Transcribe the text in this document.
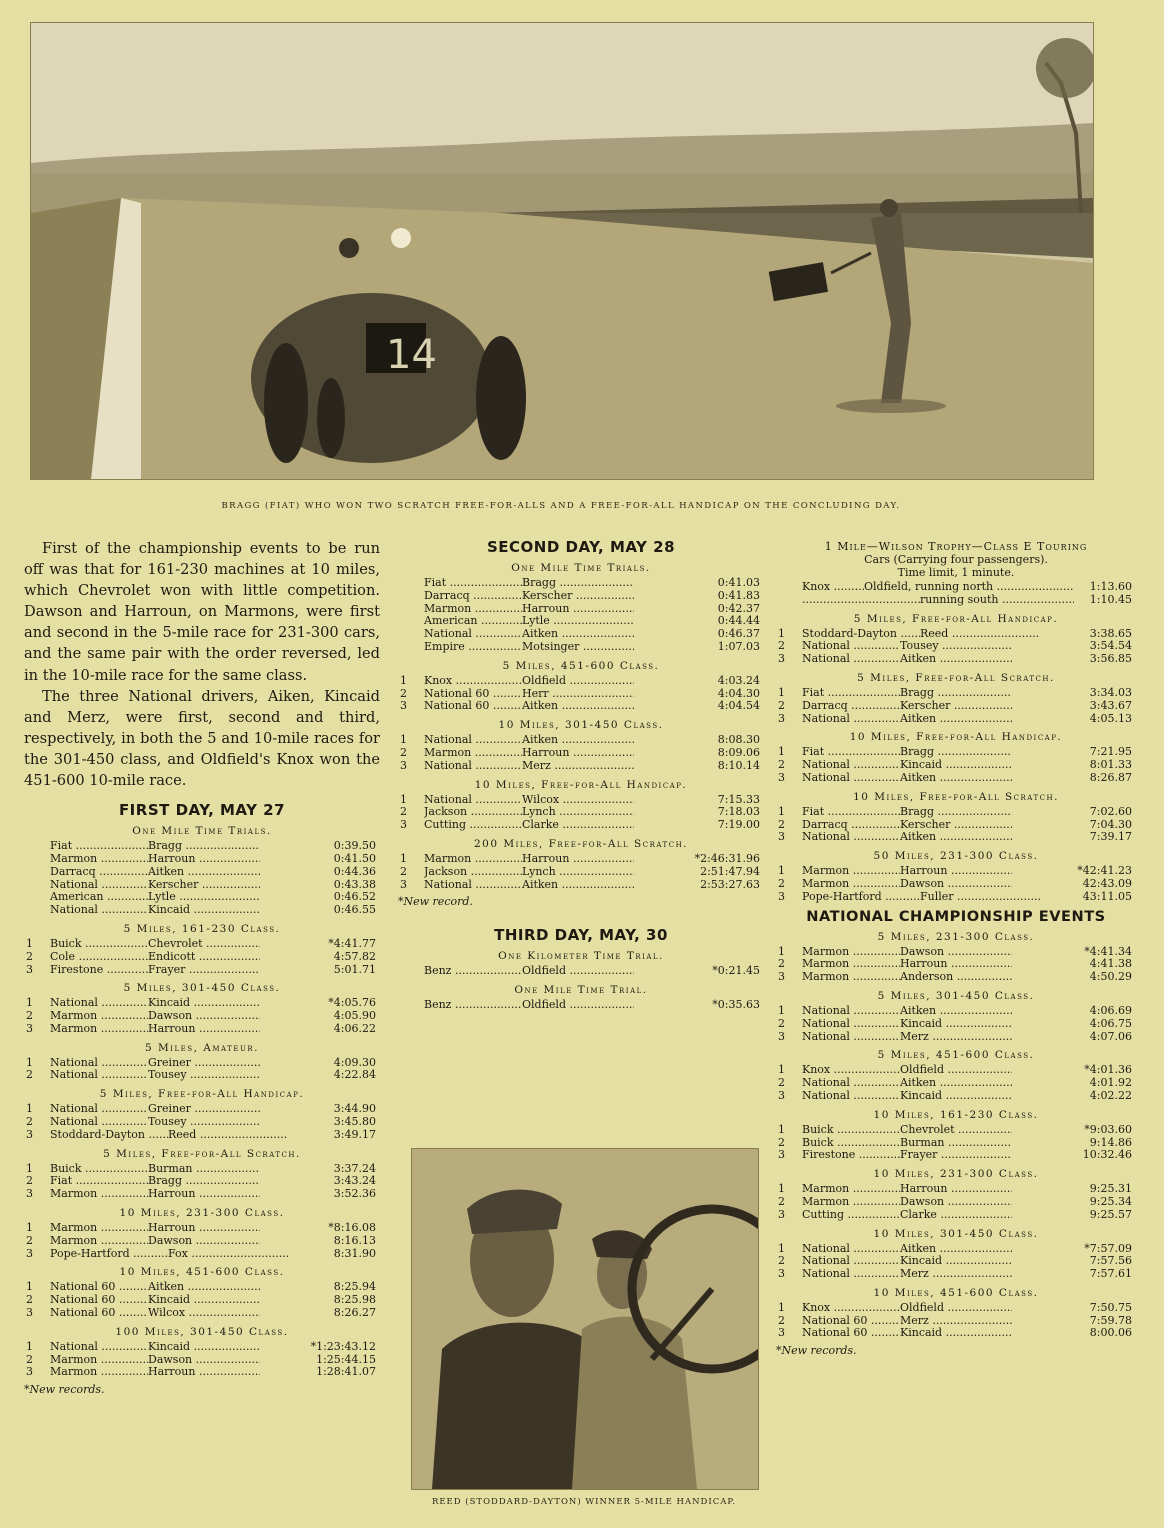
14
BRAGG (FIAT) WHO WON TWO SCRATCH FREE-FOR-ALLS AND A FREE-FOR-ALL HANDICAP ON THE CONCLUDING DAY.

First of the championship events to be run off was that for 161-230 machines at 10 miles, which Chevrolet won with little competition. Dawson and Harroun, on Marmons, were first and second in the 5-mile race for 231-300 cars, and the same pair with the order reversed, led in the 10-mile race for the same class.

The three National drivers, Aiken, Kincaid and Merz, were first, second and third, respectively, in both the 5 and 10-mile races for the 301-450 class, and Oldfield's Knox won the 451-600 10-mile race.

FIRST DAY, MAY 27
One Mile Time Trials.
Fiat .....	Bragg .....	0:39.50
Marmon .....	Harroun .....	0:41.50
Darracq .....	Aitken .....	0:44.36
National .....	Kerscher .....	0:43.38
American .....	Lytle .....	0:46.52
National .....	Kincaid .....	0:46.55
5 Miles, 161-230 Class.
1	Buick .....	Chevrolet .....	*4:41.77
2	Cole .....	Endicott .....	4:57.82
3	Firestone .....	Frayer .....	5:01.71
5 Miles, 301-450 Class.
1	National .....	Kincaid .....	*4:05.76
2	Marmon .....	Dawson .....	4:05.90
3	Marmon .....	Harroun .....	4:06.22
5 Miles, Amateur.
1	National .....	Greiner .....	4:09.30
2	National .....	Tousey .....	4:22.84
5 Miles, Free-for-All Handicap.
1	National .....	Greiner .....	3:44.90
2	National .....	Tousey .....	3:45.80
3	Stoddard-Dayton .....	Reed .....	3:49.17
5 Miles, Free-for-All Scratch.
1	Buick .....	Burman .....	3:37.24
2	Fiat .....	Bragg .....	3:43.24
3	Marmon .....	Harroun .....	3:52.36
10 Miles, 231-300 Class.
1	Marmon .....	Harroun .....	*8:16.08
2	Marmon .....	Dawson .....	8:16.13
3	Pope-Hartford .....	Fox .....	8:31.90
10 Miles, 451-600 Class.
1	National 60 .....	Aitken .....	8:25.94
2	National 60 .....	Kincaid .....	8:25.98
3	National 60 .....	Wilcox .....	8:26.27
100 Miles, 301-450 Class.
1	National .....	Kincaid .....	*1:23:43.12
2	Marmon .....	Dawson .....	1:25:44.15
3	Marmon .....	Harroun .....	1:28:41.07
*New records.
SECOND DAY, MAY 28
One Mile Time Trials.
Fiat .....	Bragg .....	0:41.03
Darracq .....	Kerscher .....	0:41.83
Marmon .....	Harroun .....	0:42.37
American .....	Lytle .....	0:44.44
National .....	Aitken .....	0:46.37
Empire .....	Motsinger .....	1:07.03
5 Miles, 451-600 Class.
1	Knox .....	Oldfield .....	4:03.24
2	National 60 .....	Herr .....	4:04.30
3	National 60 .....	Aitken .....	4:04.54
10 Miles, 301-450 Class.
1	National .....	Aitken .....	8:08.30
2	Marmon .....	Harroun .....	8:09.06
3	National .....	Merz .....	8:10.14
10 Miles, Free-for-All Handicap.
1	National .....	Wilcox .....	7:15.33
2	Jackson .....	Lynch .....	7:18.03
3	Cutting .....	Clarke .....	7:19.00
200 Miles, Free-for-All Scratch.
1	Marmon .....	Harroun .....	*2:46:31.96
2	Jackson .....	Lynch .....	2:51:47.94
3	National .....	Aitken .....	2:53:27.63
*New record.
THIRD DAY, MAY, 30
One Kilometer Time Trial.
Benz .....	Oldfield .....	*0:21.45
One Mile Time Trial.
Benz .....	Oldfield .....	*0:35.63
REED (STODDARD-DAYTON) WINNER 5-MILE HANDICAP.
1 Mile—Wilson Trophy—Class E Touring
Cars (Carrying four passengers).
Time limit, 1 minute.
Knox .....	Oldfield, running north .....	1:13.60
.....
running south .....	1:10.45
5 Miles, Free-for-All Handicap.
1	Stoddard-Dayton .....	Reed .....	3:38.65
2	National .....	Tousey .....	3:54.54
3	National .....	Aitken .....	3:56.85
5 Miles, Free-for-All Scratch.
1	Fiat .....	Bragg .....	3:34.03
2	Darracq .....	Kerscher .....	3:43.67
3	National .....	Aitken .....	4:05.13
10 Miles, Free-for-All Handicap.
1	Fiat .....	Bragg .....	7:21.95
2	National .....	Kincaid .....	8:01.33
3	National .....	Aitken .....	8:26.87
10 Miles, Free-for-All Scratch.
1	Fiat .....	Bragg .....	7:02.60
2	Darracq .....	Kerscher .....	7:04.30
3	National .....	Aitken .....	7:39.17
50 Miles, 231-300 Class.
1	Marmon .....	Harroun .....	*42:41.23
2	Marmon .....	Dawson .....	42:43.09
3	Pope-Hartford .....	Fuller .....	43:11.05
NATIONAL CHAMPIONSHIP EVENTS
5 Miles, 231-300 Class.
1	Marmon .....	Dawson .....	*4:41.34
2	Marmon .....	Harroun .....	4:41.38
3	Marmon .....	Anderson .....	4:50.29
5 Miles, 301-450 Class.
1	National .....	Aitken .....	4:06.69
2	National .....	Kincaid .....	4:06.75
3	National .....	Merz .....	4:07.06
5 Miles, 451-600 Class.
1	Knox .....	Oldfield .....	*4:01.36
2	National .....	Aitken .....	4:01.92
3	National .....	Kincaid .....	4:02.22
10 Miles, 161-230 Class.
1	Buick .....	Chevrolet .....	*9:03.60
2	Buick .....	Burman .....	9:14.86
3	Firestone .....	Frayer .....	10:32.46
10 Miles, 231-300 Class.
1	Marmon .....	Harroun .....	9:25.31
2	Marmon .....	Dawson .....	9:25.34
3	Cutting .....	Clarke .....	9:25.57
10 Miles, 301-450 Class.
1	National .....	Aitken .....	*7:57.09
2	National .....	Kincaid .....	7:57.56
3	National .....	Merz .....	7:57.61
10 Miles, 451-600 Class.
1	Knox .....	Oldfield .....	7:50.75
2	National 60 .....	Merz .....	7:59.78
3	National 60 .....	Kincaid .....	8:00.06
*New records.
